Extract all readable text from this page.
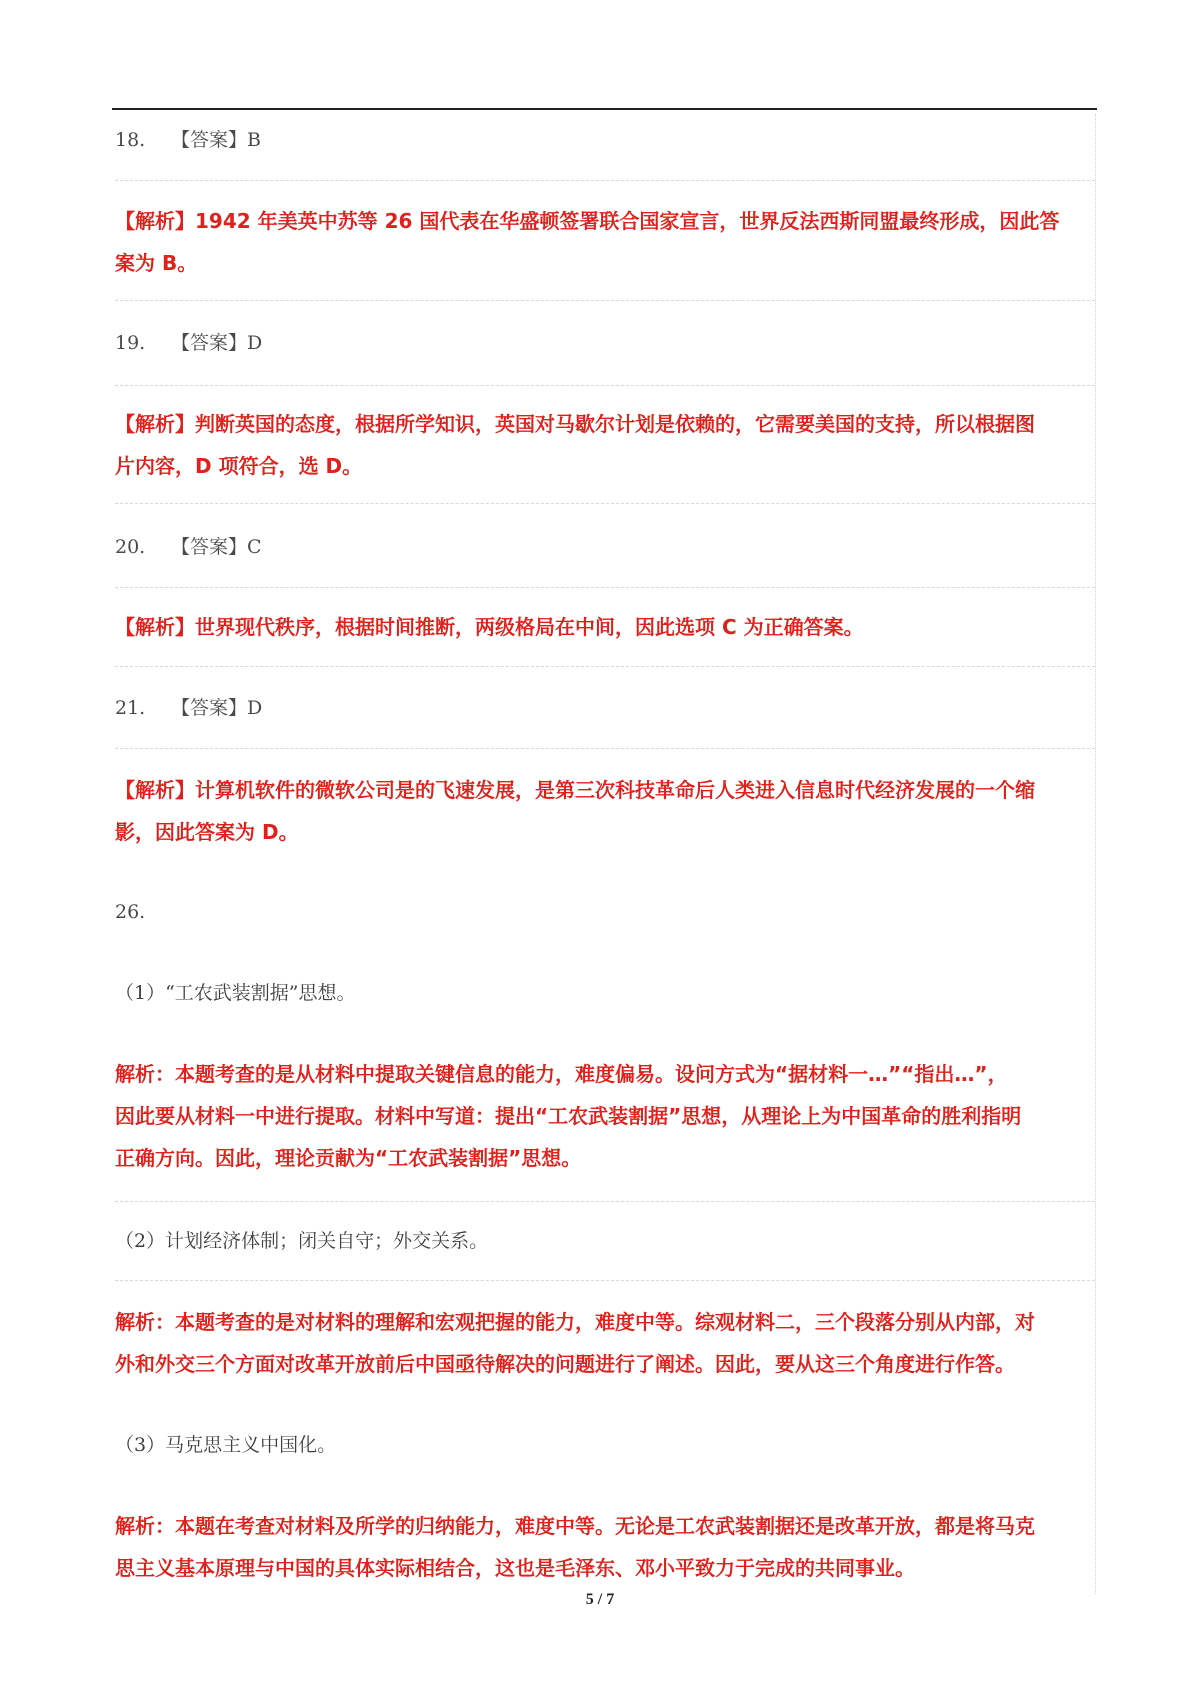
18. 【答案】B
【解析】1942 年美英中苏等 26 国代表在华盛顿签署联合国家宣言，世界反法西斯同盟最终形成，因此答
案为 B。
19. 【答案】D
【解析】判断英国的态度，根据所学知识，英国对马歇尔计划是依赖的，它需要美国的支持，所以根据图
片内容，D 项符合，选 D。
20. 【答案】C
【解析】世界现代秩序，根据时间推断，两级格局在中间，因此选项 C 为正确答案。
21. 【答案】D
【解析】计算机软件的微软公司是的飞速发展，是第三次科技革命后人类进入信息时代经济发展的一个缩
影，因此答案为 D。
26.
（1）“工农武装割据”思想。
解析：本题考查的是从材料中提取关键信息的能力，难度偏易。设问方式为“据材料一…”“指出…”，
因此要从材料一中进行提取。材料中写道：提出“工农武装割据”思想，从理论上为中国革命的胜利指明
正确方向。因此，理论贡献为“工农武装割据”思想。
（2）计划经济体制；闭关自守；外交关系。
解析：本题考查的是对材料的理解和宏观把握的能力，难度中等。综观材料二，三个段落分别从内部，对
外和外交三个方面对改革开放前后中国亟待解决的问题进行了阐述。因此，要从这三个角度进行作答。
（3）马克思主义中国化。
解析：本题在考查对材料及所学的归纳能力，难度中等。无论是工农武装割据还是改革开放，都是将马克
思主义基本原理与中国的具体实际相结合，这也是毛泽东、邓小平致力于完成的共同事业。
5 / 7
